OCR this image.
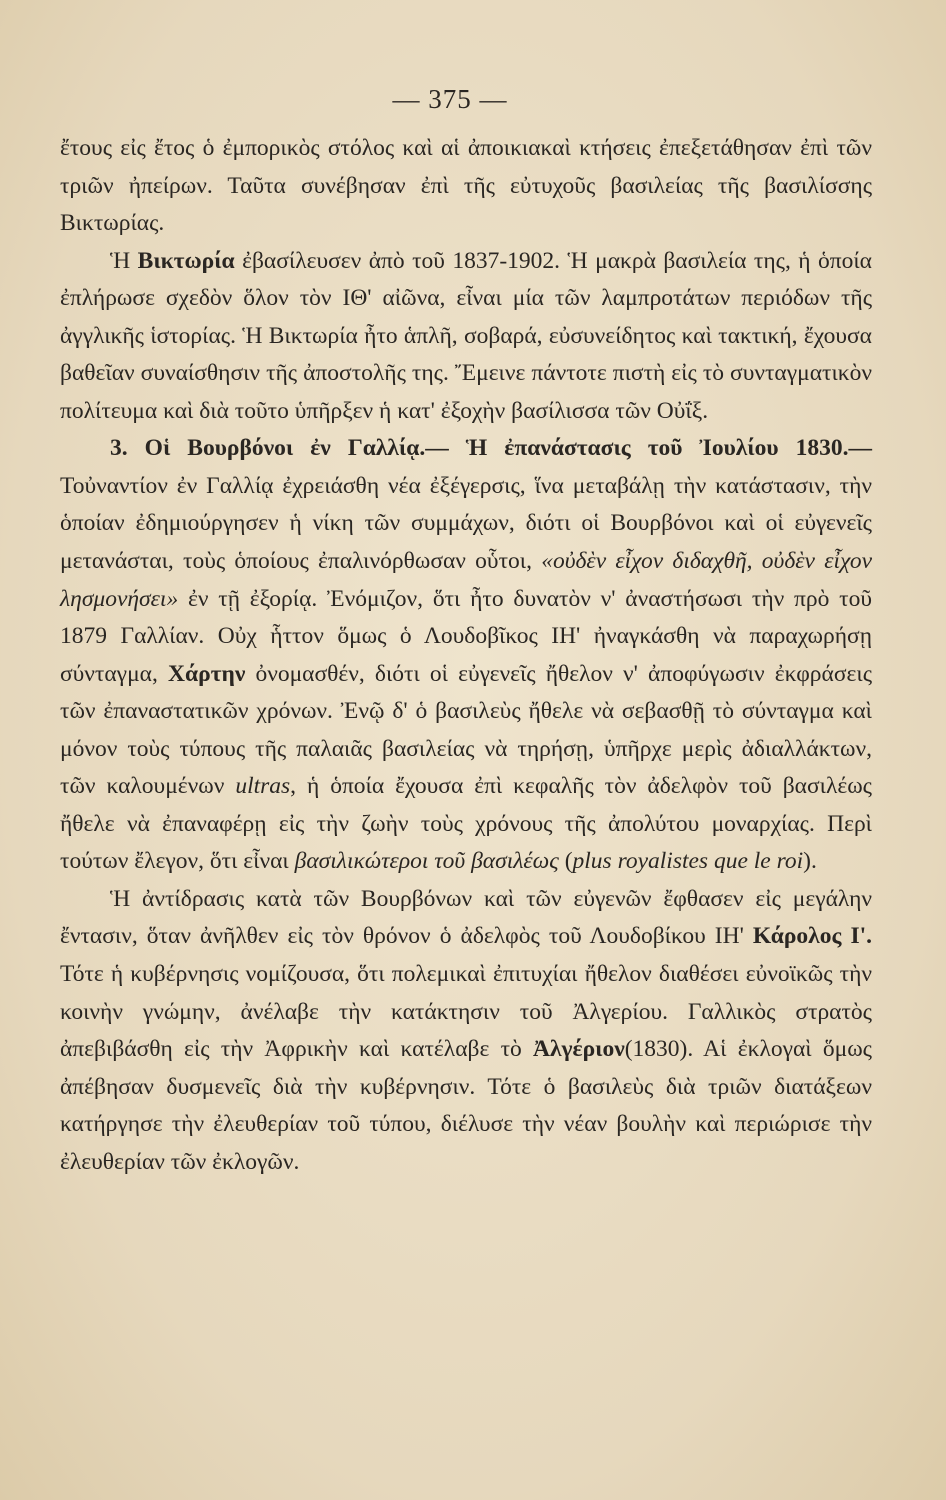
— 375 —

ἔτους εἰς ἔτος ὁ ἐμπορικὸς στόλος καὶ αἱ ἀποικιακαὶ κτήσεις ἐπεξετάθησαν ἐπὶ τῶν τριῶν ἠπείρων. Ταῦτα συνέβησαν ἐπὶ τῆς εὐτυχοῦς βασιλείας τῆς βασιλίσσης Βικτωρίας.

Ἡ Βικτωρία ἐβασίλευσεν ἀπὸ τοῦ 1837-1902. Ἡ μακρὰ βασιλεία της, ἡ ὁποία ἐπλήρωσε σχεδὸν ὅλον τὸν ΙΘ' αἰῶνα, εἶναι μία τῶν λαμπροτάτων περιόδων τῆς ἀγγλικῆς ἱστορίας. Ἡ Βικτωρία ἦτο ἁπλῆ, σοβαρά, εὐσυνείδητος καὶ τακτική, ἔχουσα βαθεῖαν συναίσθησιν τῆς ἀποστολῆς της. Ἔμεινε πάντοτε πιστὴ εἰς τὸ συνταγματικὸν πολίτευμα καὶ διὰ τοῦτο ὑπῆρξεν ἡ κατ' ἐξοχὴν βασίλισσα τῶν Οὐΐξ.

3. Οἱ Βουρβόνοι ἐν Γαλλίᾳ.— Ἡ ἐπανάστασις τοῦ Ἰουλίου 1830.— Τοὐναντίον ἐν Γαλλίᾳ ἐχρειάσθη νέα ἐξέγερσις, ἵνα μεταβάλῃ τὴν κατάστασιν, τὴν ὁποίαν ἐδημιούργησεν ἡ νίκη τῶν συμμάχων, διότι οἱ Βουρβόνοι καὶ οἱ εὐγενεῖς μετανάσται, τοὺς ὁποίους ἐπαλινόρθωσαν οὗτοι, «οὐδὲν εἶχον διδαχθῆ, οὐδὲν εἶχον λησμονήσει» ἐν τῇ ἐξορίᾳ. Ἐνόμιζον, ὅτι ἦτο δυνατὸν ν' ἀναστήσωσι τὴν πρὸ τοῦ 1879 Γαλλίαν. Οὐχ ἧττον ὅμως ὁ Λουδοβῖκος ΙΗ' ἠναγκάσθη νὰ παραχωρήσῃ σύνταγμα, Χάρτην ὀνομασθέν, διότι οἱ εὐγενεῖς ἤθελον ν' ἀποφύγωσιν ἐκφράσεις τῶν ἐπαναστατικῶν χρόνων. Ἐνῷ δ' ὁ βασιλεὺς ἤθελε νὰ σεβασθῇ τὸ σύνταγμα καὶ μόνον τοὺς τύπους τῆς παλαιᾶς βασιλείας νὰ τηρήσῃ, ὑπῆρχε μερὶς ἀδιαλλάκτων, τῶν καλουμένων ultras, ἡ ὁποία ἔχουσα ἐπὶ κεφαλῆς τὸν ἀδελφὸν τοῦ βασιλέως ἤθελε νὰ ἐπαναφέρῃ εἰς τὴν ζωὴν τοὺς χρόνους τῆς ἀπολύτου μοναρχίας. Περὶ τούτων ἔλεγον, ὅτι εἶναι βασιλικώτεροι τοῦ βασιλέως (plus royalistes que le roi).

Ἡ ἀντίδρασις κατὰ τῶν Βουρβόνων καὶ τῶν εὐγενῶν ἔφθασεν εἰς μεγάλην ἔντασιν, ὅταν ἀνῆλθεν εἰς τὸν θρόνον ὁ ἀδελφὸς τοῦ Λουδοβίκου ΙΗ' Κάρολος Ι'. Τότε ἡ κυβέρνησις νομίζουσα, ὅτι πολεμικαὶ ἐπιτυχίαι ἤθελον διαθέσει εὐνοϊκῶς τὴν κοινὴν γνώμην, ἀνέλαβε τὴν κατάκτησιν τοῦ Ἀλγερίου. Γαλλικὸς στρατὸς ἀπεβιβάσθη εἰς τὴν Ἀφρικὴν καὶ κατέλαβε τὸ Ἀλγέριον(1830). Αἱ ἐκλογαὶ ὅμως ἀπέβησαν δυσμενεῖς διὰ τὴν κυβέρνησιν. Τότε ὁ βασιλεὺς διὰ τριῶν διατάξεων κατήργησε τὴν ἐλευθερίαν τοῦ τύπου, διέλυσε τὴν νέαν βουλὴν καὶ περιώρισε τὴν ἐλευθερίαν τῶν ἐκλογῶν.
